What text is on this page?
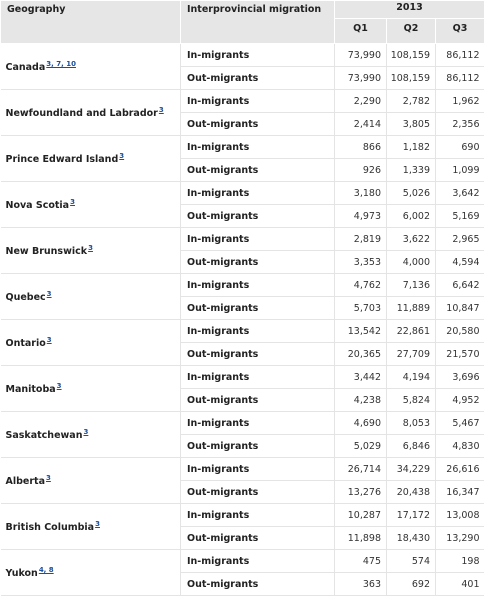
Geography	Interprovincial migration	2013		
		Q1	Q2	Q3
Canada$^{3, 7, 10}$	In-migrants	73,990	108,159	86,112
	Out-migrants	73,990	108,159	86,112
Newfoundland and Labrador$^3$	In-migrants	2,290	2,782	1,962
	Out-migrants	2,414	3,805	2,356
Prince Edward Island$^3$	In-migrants	866	1,182	690
	Out-migrants	926	1,339	1,099
Nova Scotia$^3$	In-migrants	3,180	5,026	3,642
	Out-migrants	4,973	6,002	5,169
New Brunswick$^3$	In-migrants	2,819	3,622	2,965
	Out-migrants	3,353	4,000	4,594
Quebec$^3$	In-migrants	4,762	7,136	6,642
	Out-migrants	5,703	11,889	10,847
Ontario$^3$	In-migrants	13,542	22,861	20,580
	Out-migrants	20,365	27,709	21,570
Manitoba$^3$	In-migrants	3,442	4,194	3,696
	Out-migrants	4,238	5,824	4,952
Saskatchewan$^3$	In-migrants	4,690	8,053	5,467
	Out-migrants	5,029	6,846	4,830
Alberta$^3$	In-migrants	26,714	34,229	26,616
	Out-migrants	13,276	20,438	16,347
British Columbia$^3$	In-migrants	10,287	17,172	13,008
	Out-migrants	11,898	18,430	13,290
Yukon$^{4, 8}$	In-migrants	475	574	198
	Out-migrants	363	692	401
